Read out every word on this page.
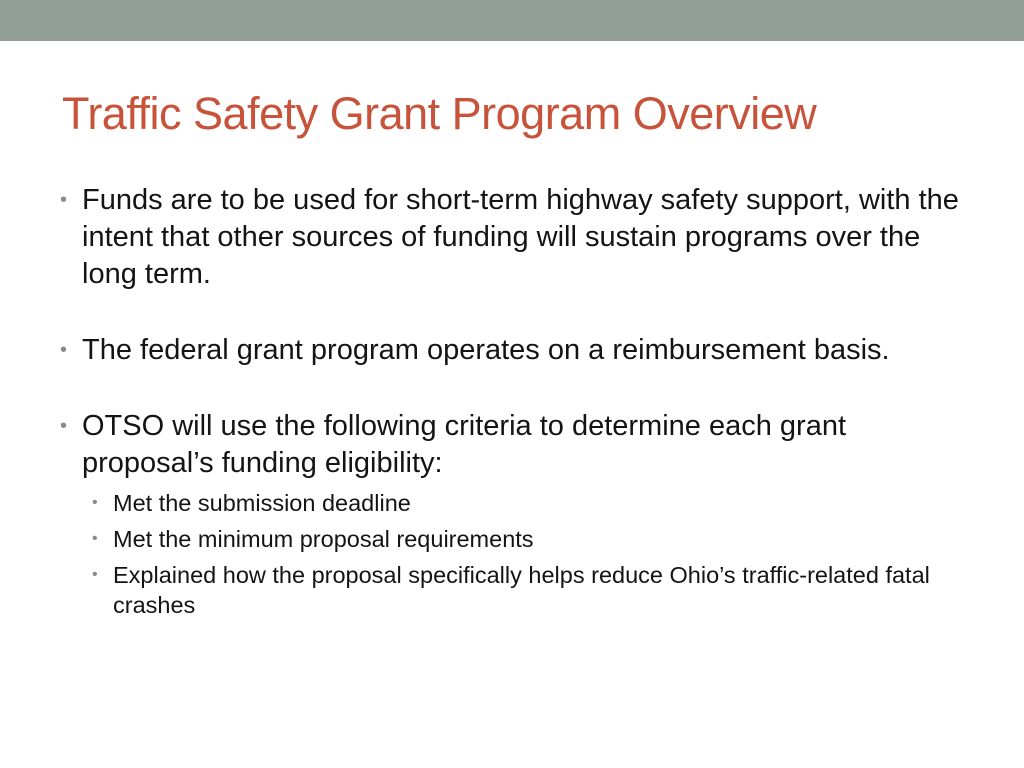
Traffic Safety Grant Program Overview
• Funds are to be used for short-term highway safety support, with the intent that other sources of funding will sustain programs over the long term.
• The federal grant program operates on a reimbursement basis.
• OTSO will use the following criteria to determine each grant proposal’s funding eligibility:
• Met the submission deadline
• Met the minimum proposal requirements
• Explained how the proposal specifically helps reduce Ohio’s traffic-related fatal crashes
